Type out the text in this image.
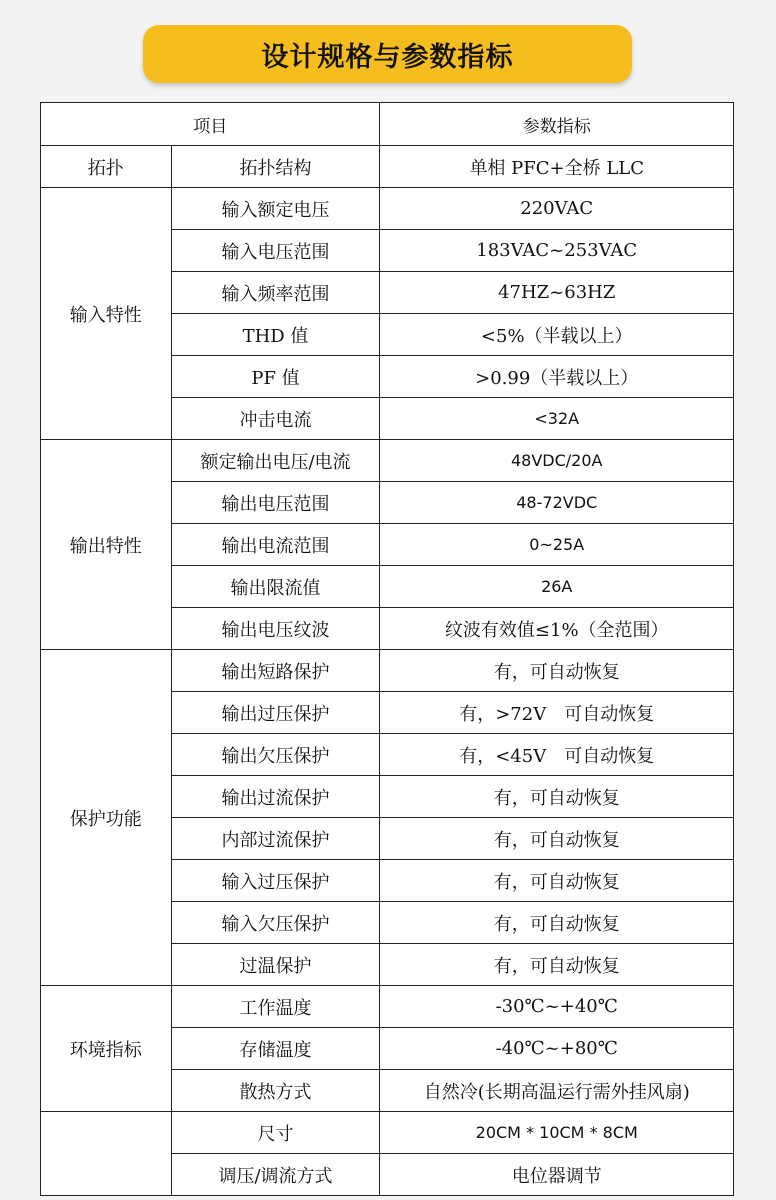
设计规格与参数指标
项目		参数指标
拓扑	拓扑结构	单相 PFC+全桥 LLC
输入特性	输入额定电压	220VAC
	输入电压范围	183VAC~253VAC
	输入频率范围	47HZ~63HZ
	THD 值	<5%（半载以上）
	PF 值	>0.99（半载以上）
	冲击电流	<32A
输出特性	额定输出电压/电流	48VDC/20A
	输出电压范围	48-72VDC
	输出电流范围	0~25A
	输出限流值	26A
	输出电压纹波	纹波有效值≤1%（全范围）
保护功能	输出短路保护	有，可自动恢复
	输出过压保护	有，>72V　可自动恢复
	输出欠压保护	有，<45V　可自动恢复
	输出过流保护	有，可自动恢复
	内部过流保护	有，可自动恢复
	输入过压保护	有，可自动恢复
	输入欠压保护	有，可自动恢复
	过温保护	有，可自动恢复
环境指标	工作温度	-30℃~+40℃
	存储温度	-40℃~+80℃
	散热方式	自然冷(长期高温运行需外挂风扇)
	尺寸	20CM * 10CM * 8CM
	调压/调流方式	电位器调节
